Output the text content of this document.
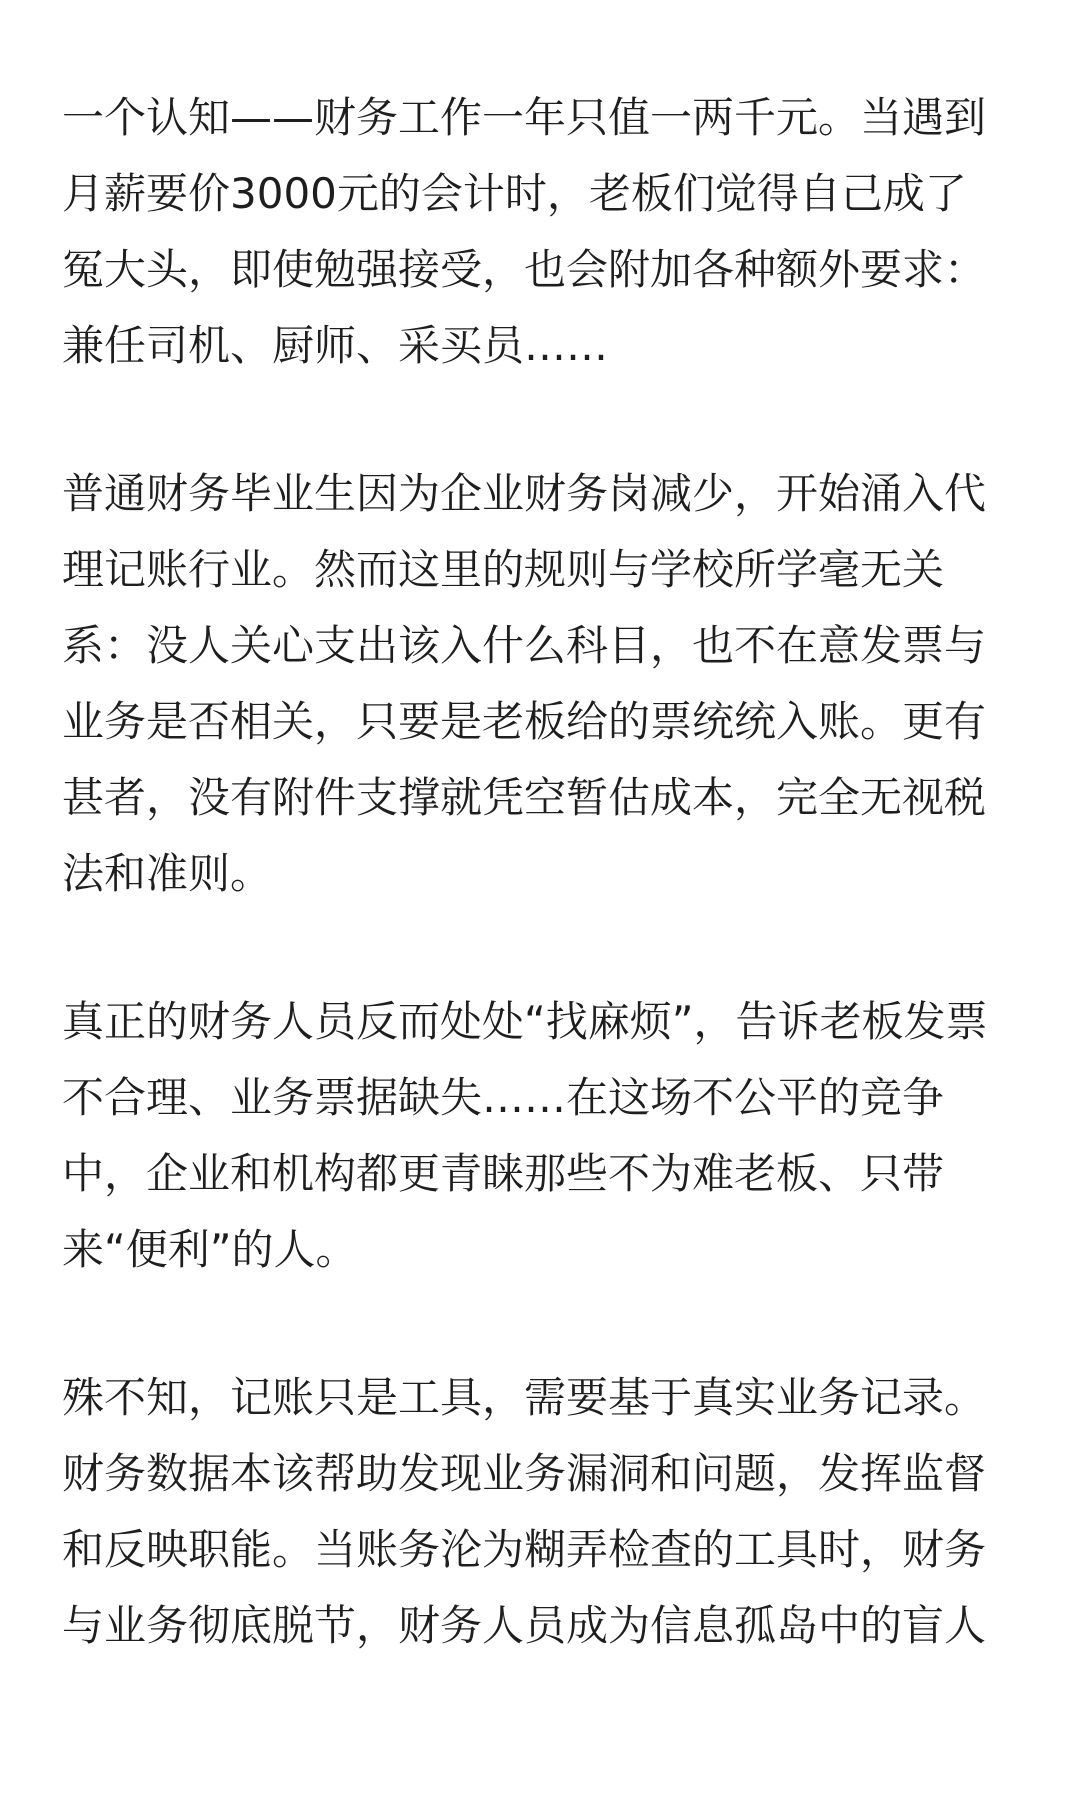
一个认知——财务工作一年只值一两千元。当遇到
月薪要价3000元的会计时，老板们觉得自己成了
冤大头，即使勉强接受，也会附加各种额外要求：
兼任司机、厨师、采买员……
普通财务毕业生因为企业财务岗减少，开始涌入代
理记账行业。然而这里的规则与学校所学毫无关
系：没人关心支出该入什么科目，也不在意发票与
业务是否相关，只要是老板给的票统统入账。更有
甚者，没有附件支撑就凭空暂估成本，完全无视税
法和准则。
真正的财务人员反而处处“找麻烦”，告诉老板发票
不合理、业务票据缺失……在这场不公平的竞争
中，企业和机构都更青睐那些不为难老板、只带
来“便利”的人。
殊不知，记账只是工具，需要基于真实业务记录。
财务数据本该帮助发现业务漏洞和问题，发挥监督
和反映职能。当账务沦为糊弄检查的工具时，财务
与业务彻底脱节，财务人员成为信息孤岛中的盲人
